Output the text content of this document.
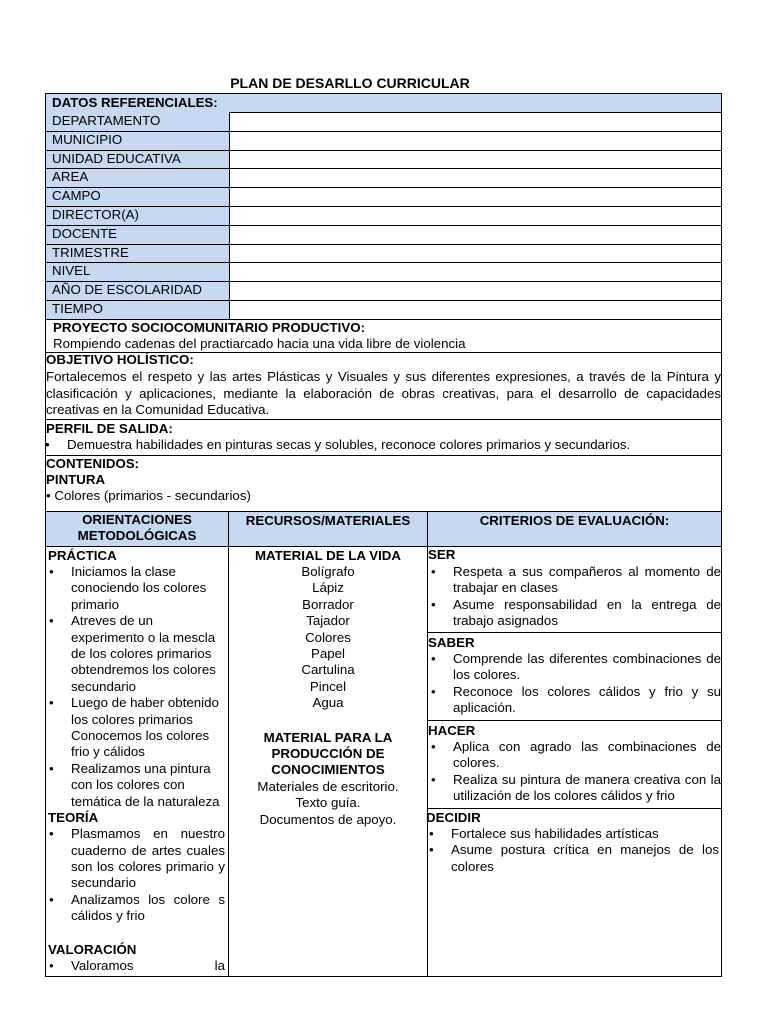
PLAN DE DESARLLO CURRICULAR
DATOS REFERENCIALES:
DEPARTAMENTO
MUNICIPIO
UNIDAD EDUCATIVA
AREA
CAMPO
DIRECTOR(A)
DOCENTE
TRIMESTRE
NIVEL
AÑO DE ESCOLARIDAD
TIEMPO
PROYECTO SOCIOCOMUNITARIO PRODUCTIVO:
Rompiendo cadenas del practiarcado hacia una vida libre de violencia
OBJETIVO HOLÍSTICO:
Fortalecemos el respeto y las artes Plásticas y Visuales y sus diferentes expresiones, a través de la Pintura y clasificación y aplicaciones, mediante la elaboración de obras creativas, para el desarrollo de capacidades creativas en la Comunidad Educativa.
PERFIL DE SALIDA:
• Demuestra habilidades en pinturas secas y solubles, reconoce colores primarios y secundarios.
CONTENIDOS:
PINTURA
• Colores (primarios - secundarios)
ORIENTACIONES METODOLÓGICAS
RECURSOS/MATERIALES	CRITERIOS DE EVALUACIÓN:
PRÁCTICA
• Iniciamos la clase conociendo los colores primario
• Atreves de un experimento o la mescla de los colores primarios obtendremos los colores secundario
• Luego de haber obtenido los colores primarios Conocemos los colores frio y cálidos
• Realizamos una pintura con los colores con temática de la naturaleza
TEORÍA
• Plasmamos en nuestro cuaderno de artes cuales son los colores primario y secundario
• Analizamos los colore s cálidos y frio
VALORACIÓN
• Valoramos la
MATERIAL DE LA VIDA
Bolígrafo
Lápiz
Borrador
Tajador
Colores
Papel
Cartulina
Pincel
Agua
MATERIAL PARA LA PRODUCCIÓN DE CONOCIMIENTOS
Materiales de escritorio.
Texto guía.
Documentos de apoyo.
SER
• Respeta a sus compañeros al momento de trabajar en clases
• Asume responsabilidad en la entrega de trabajo asignados
SABER
• Comprende las diferentes combinaciones de los colores.
• Reconoce los colores cálidos y frio y su aplicación.
HACER
• Aplica con agrado las combinaciones de colores.
• Realiza su pintura de manera creativa con la utilización de los colores cálidos y frio
DECIDIR
• Fortalece sus habilidades artísticas
• Asume postura crítica en manejos de los colores
